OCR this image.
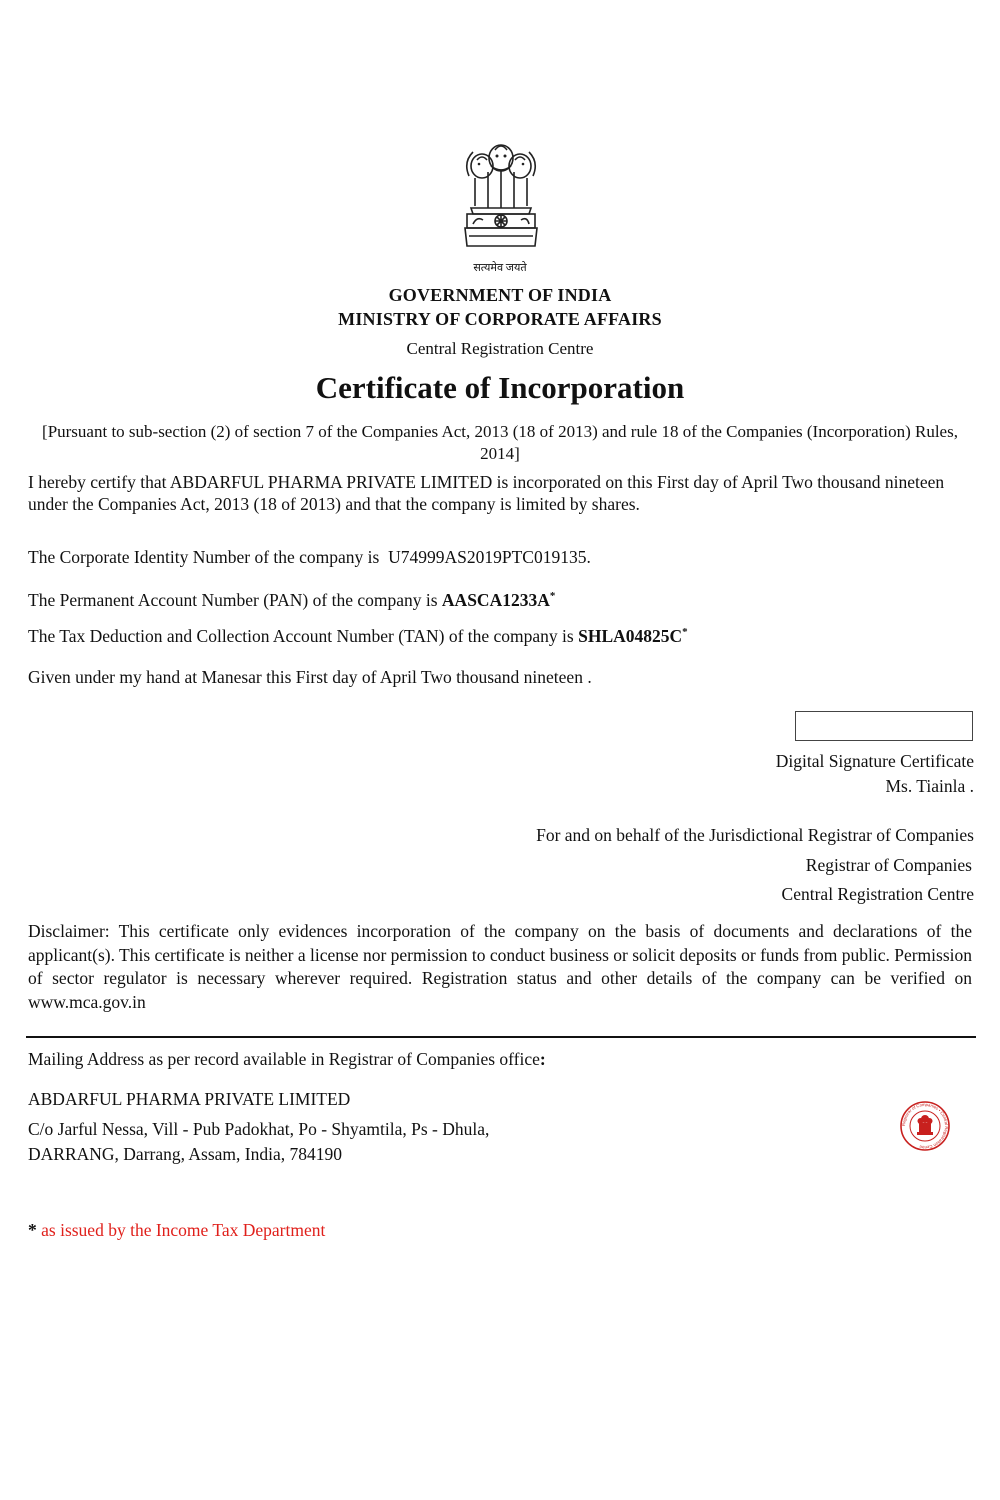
सत्यमेव जयते
GOVERNMENT OF INDIA
MINISTRY OF CORPORATE AFFAIRS
Central Registration Centre
Certificate of Incorporation
[Pursuant to sub-section (2) of section 7 of the Companies Act, 2013 (18 of 2013) and rule 18 of the Companies (Incorporation) Rules, 2014]
I hereby certify that ABDARFUL PHARMA PRIVATE LIMITED is incorporated on this First day of April Two thousand nineteen under the Companies Act, 2013 (18 of 2013) and that the company is limited by shares.
The Corporate Identity Number of the company is U74999AS2019PTC019135.
The Permanent Account Number (PAN) of the company is AASCA1233A*
The Tax Deduction and Collection Account Number (TAN) of the company is SHLA04825C*
Given under my hand at Manesar this First day of April Two thousand nineteen .
Digital Signature Certificate
Ms. Tiainla .
For and on behalf of the Jurisdictional Registrar of Companies
Registrar of Companies
Central Registration Centre
Disclaimer: This certificate only evidences incorporation of the company on the basis of documents and declarations of the applicant(s). This certificate is neither a license nor permission to conduct business or solicit deposits or funds from public. Permission of sector regulator is necessary wherever required. Registration status and other details of the company can be verified on www.mca.gov.in
Mailing Address as per record available in Registrar of Companies office:
ABDARFUL PHARMA PRIVATE LIMITED
C/o Jarful Nessa, Vill - Pub Padokhat, Po - Shyamtila, Ps - Dhula,
DARRANG, Darrang, Assam, India, 784190
Registrar of Companies • Central Registration Centre
* as issued by the Income Tax Department
